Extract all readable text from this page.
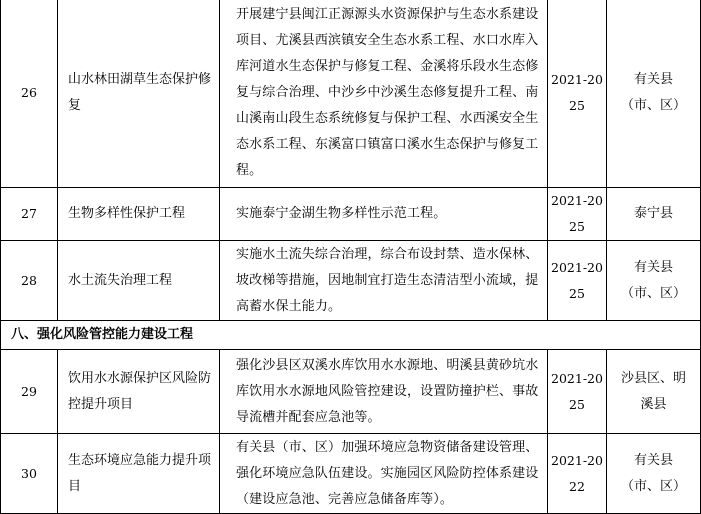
26	山水林田湖草生态保护修复	开展建宁县闽江正源源头水资源保护与生态水系建设项目、尤溪县西滨镇安全生态水系工程、水口水库入库河道水生态保护与修复工程、金溪将乐段水生态修复与综合治理、中沙乡中沙溪生态修复提升工程、南山溪南山段生态系统修复与保护工程、水西溪安全生态水系工程、东溪富口镇富口溪水生态保护与修复工程。	2021-2025	有关县（市、区）
27	生物多样性保护工程	实施泰宁金湖生物多样性示范工程。	2021-2025	泰宁县
28	水土流失治理工程	实施水土流失综合治理，综合布设封禁、造水保林、坡改梯等措施，因地制宜打造生态清洁型小流域，提高蓄水保土能力。	2021-2025	有关县（市、区）
八、强化风险管控能力建设工程				
29	饮用水水源保护区风险防控提升项目	强化沙县区双溪水库饮用水水源地、明溪县黄砂坑水库饮用水水源地风险管控建设，设置防撞护栏、事故导流槽并配套应急池等。	2021-2025	沙县区、明溪县
30	生态环境应急能力提升项目	有关县（市、区）加强环境应急物资储备建设管理、强化环境应急队伍建设。实施园区风险防控体系建设（建设应急池、完善应急储备库等）。	2021-2022	有关县（市、区）
